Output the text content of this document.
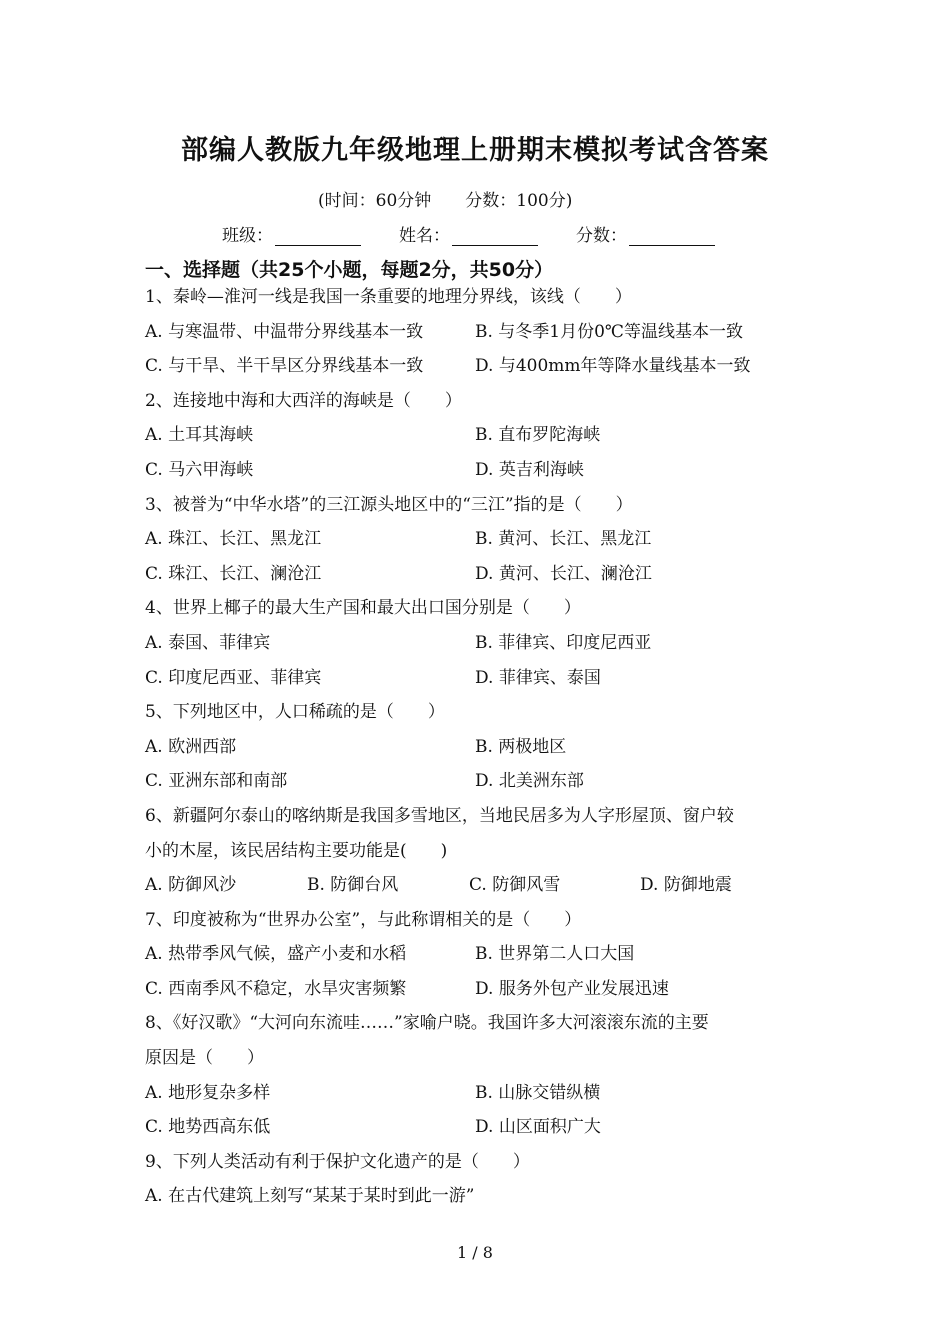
部编人教版九年级地理上册期末模拟考试含答案
(时间：60分钟 分数：100分)
班级：	姓名：	分数：
一、选择题（共25个小题，每题2分，共50分）
1、秦岭—淮河一线是我国一条重要的地理分界线，该线（　　）
A. 与寒温带、中温带分界线基本一致	B. 与冬季1月份0℃等温线基本一致
C. 与干旱、半干旱区分界线基本一致	D. 与400mm年等降水量线基本一致
2、连接地中海和大西洋的海峡是（　　）
A. 土耳其海峡	B. 直布罗陀海峡
C. 马六甲海峡	D. 英吉利海峡
3、被誉为“中华水塔”的三江源头地区中的“三江”指的是（　　）
A. 珠江、长江、黑龙江	B. 黄河、长江、黑龙江
C. 珠江、长江、澜沧江	D. 黄河、长江、澜沧江
4、世界上椰子的最大生产国和最大出口国分别是（　　）
A. 泰国、菲律宾	B. 菲律宾、印度尼西亚
C. 印度尼西亚、菲律宾	D. 菲律宾、泰国
5、下列地区中，人口稀疏的是（　　）
A. 欧洲西部	B. 两极地区
C. 亚洲东部和南部	D. 北美洲东部
6、新疆阿尔泰山的喀纳斯是我国多雪地区，当地民居多为人字形屋顶、窗户较
小的木屋，该民居结构主要功能是(　　)
A. 防御风沙	B. 防御台风	C. 防御风雪	D. 防御地震
7、印度被称为“世界办公室”，与此称谓相关的是（　　）
A. 热带季风气候，盛产小麦和水稻	B. 世界第二人口大国
C. 西南季风不稳定，水旱灾害频繁	D. 服务外包产业发展迅速
8、《好汉歌》“大河向东流哇……”家喻户晓。我国许多大河滚滚东流的主要
原因是（　　）
A. 地形复杂多样	B. 山脉交错纵横
C. 地势西高东低	D. 山区面积广大
9、下列人类活动有利于保护文化遗产的是（　　）
A. 在古代建筑上刻写“某某于某时到此一游”
1 / 8
